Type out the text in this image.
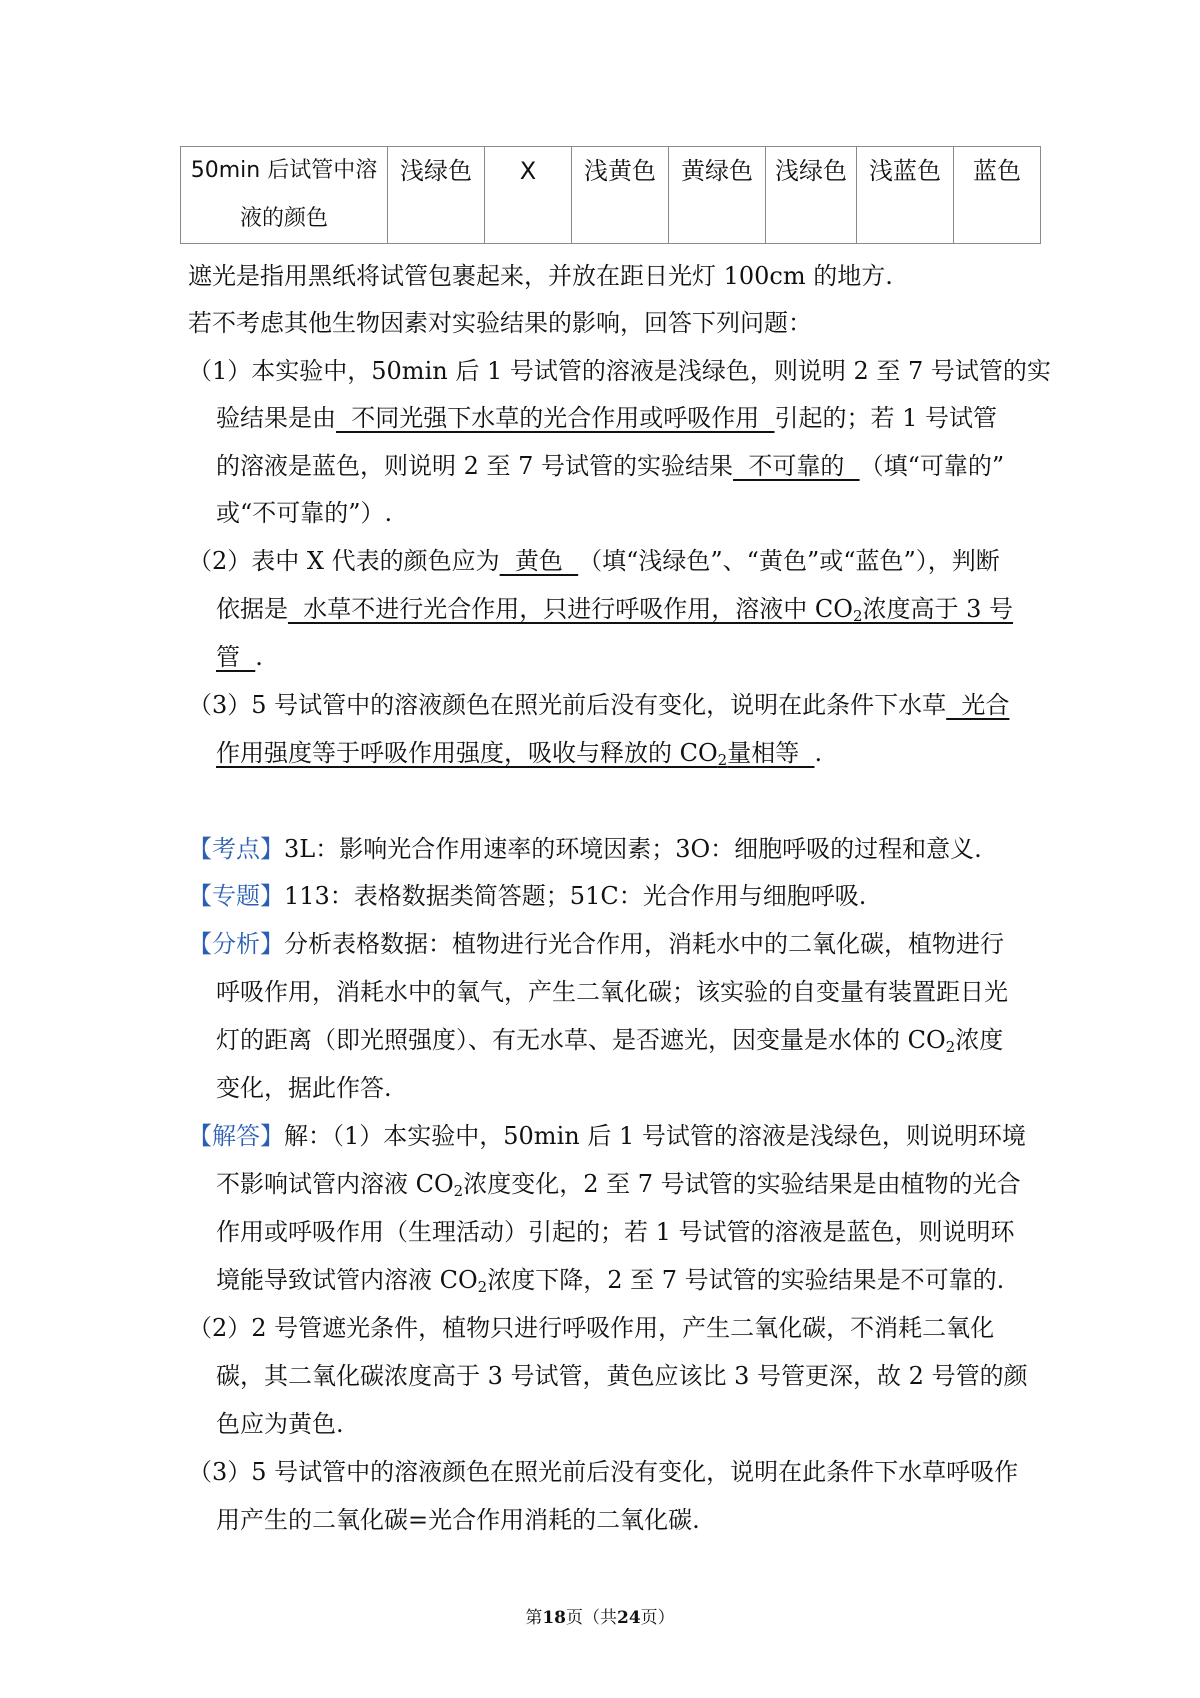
50min 后试管中溶
液的颜色
	浅绿色	X	浅黄色	黄绿色	浅绿色	浅蓝色	蓝色
遮光是指用黑纸将试管包裹起来，并放在距日光灯 100cm 的地方.
若不考虑其他生物因素对实验结果的影响，回答下列问题：
（1）本实验中，50min 后 1 号试管的溶液是浅绿色，则说明 2 至 7 号试管的实
验结果是由  不同光强下水草的光合作用或呼吸作用  引起的；若 1 号试管
的溶液是蓝色，则说明 2 至 7 号试管的实验结果  不可靠的  （填“可靠的”
或“不可靠的”）.
（2）表中 X 代表的颜色应为  黄色  （填“浅绿色”、“黄色”或“蓝色”），判断
依据是  水草不进行光合作用，只进行呼吸作用，溶液中 $CO_2$浓度高于 3 号
管  .
（3）5 号试管中的溶液颜色在照光前后没有变化，说明在此条件下水草  光合
作用强度等于呼吸作用强度，吸收与释放的 $CO_2$量相等  .
【考点】3L：影响光合作用速率的环境因素；3O：细胞呼吸的过程和意义.
【专题】113：表格数据类简答题；51C：光合作用与细胞呼吸.
【分析】分析表格数据：植物进行光合作用，消耗水中的二氧化碳，植物进行
呼吸作用，消耗水中的氧气，产生二氧化碳；该实验的自变量有装置距日光
灯的距离（即光照强度）、有无水草、是否遮光，因变量是水体的 $CO_2$浓度
变化，据此作答.
【解答】解：（1）本实验中，50min 后 1 号试管的溶液是浅绿色，则说明环境
不影响试管内溶液 $CO_2$浓度变化，2 至 7 号试管的实验结果是由植物的光合
作用或呼吸作用（生理活动）引起的；若 1 号试管的溶液是蓝色，则说明环
境能导致试管内溶液 $CO_2$浓度下降，2 至 7 号试管的实验结果是不可靠的.
（2）2 号管遮光条件，植物只进行呼吸作用，产生二氧化碳，不消耗二氧化
碳，其二氧化碳浓度高于 3 号试管，黄色应该比 3 号管更深，故 2 号管的颜
色应为黄色.
（3）5 号试管中的溶液颜色在照光前后没有变化，说明在此条件下水草呼吸作
用产生的二氧化碳=光合作用消耗的二氧化碳.
第18页（共24页）
